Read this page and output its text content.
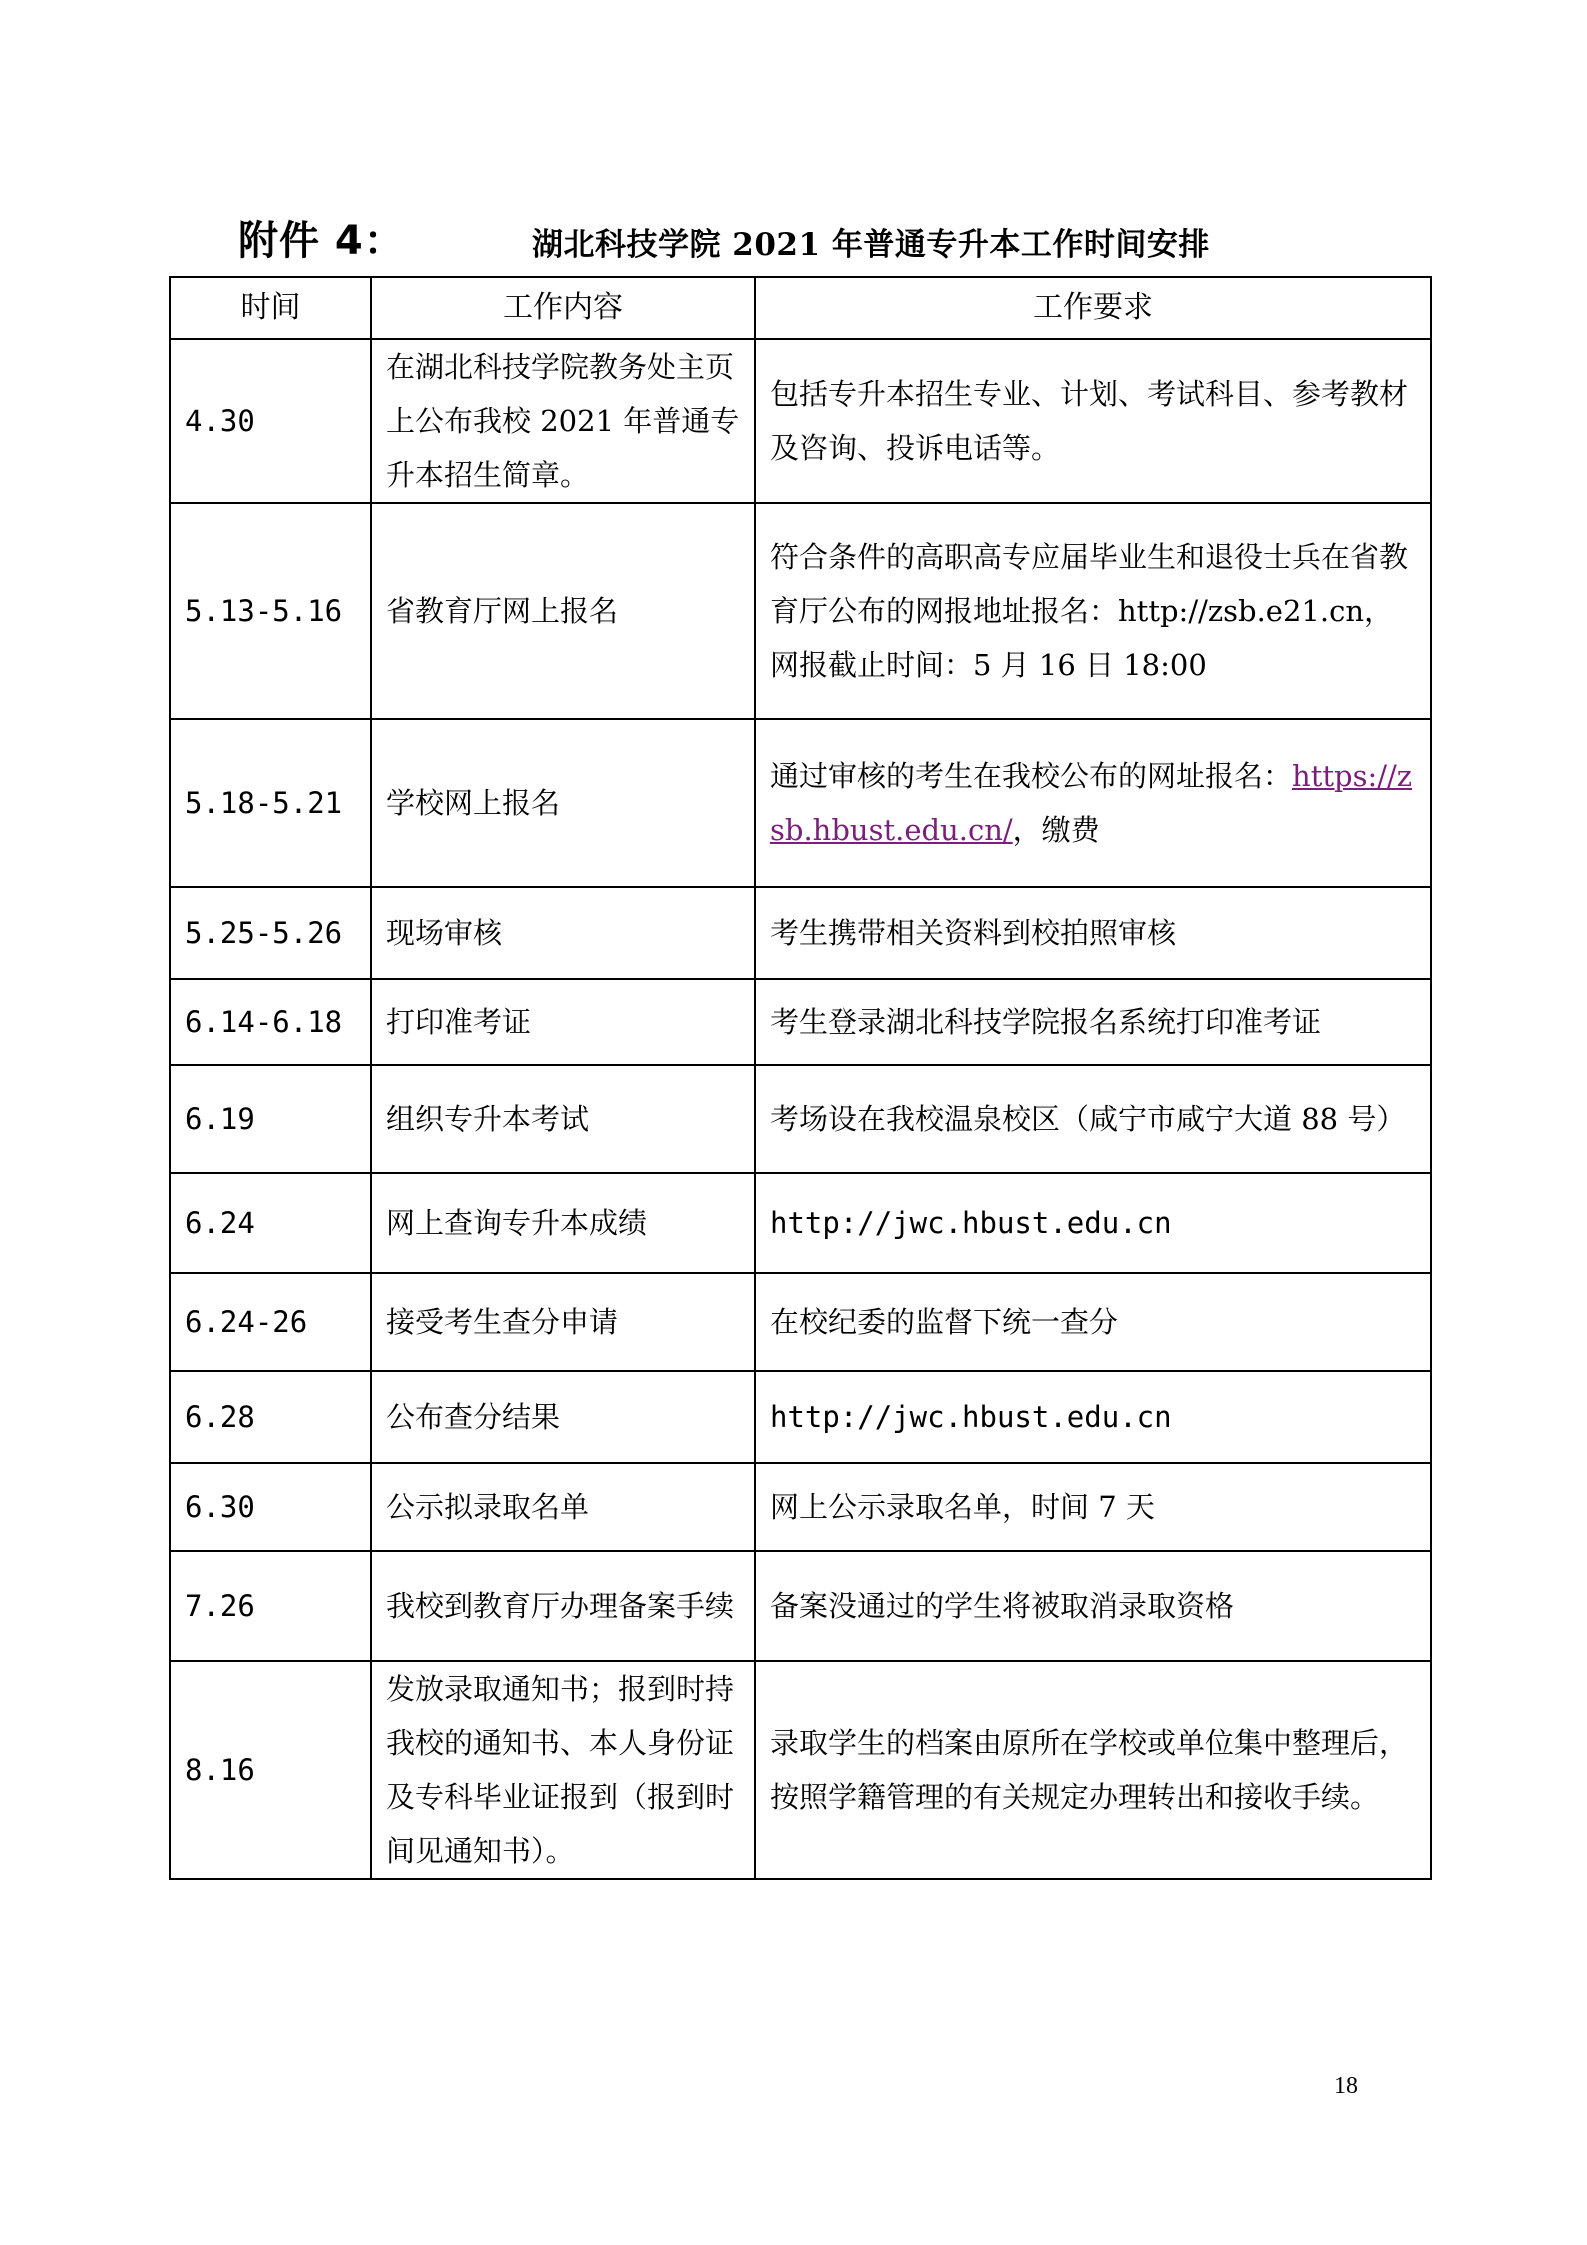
附件 4：	湖北科技学院 2021 年普通专升本工作时间安排
时间	工作内容	工作要求
4.30	在湖北科技学院教务处主页上公布我校 2021 年普通专升本招生简章。	包括专升本招生专业、计划、考试科目、参考教材及咨询、投诉电话等。
5.13-5.16	省教育厅网上报名	符合条件的高职高专应届毕业生和退役士兵在省教育厅公布的网报地址报名：http://zsb.e21.cn，网报截止时间：5 月 16 日 18:00
5.18-5.21	学校网上报名	通过审核的考生在我校公布的网址报名：https://zsb.hbust.edu.cn/，缴费
5.25-5.26	现场审核	考生携带相关资料到校拍照审核
6.14-6.18	打印准考证	考生登录湖北科技学院报名系统打印准考证
6.19	组织专升本考试	考场设在我校温泉校区（咸宁市咸宁大道 88 号）
6.24	网上查询专升本成绩	http://jwc.hbust.edu.cn
6.24-26	接受考生查分申请	在校纪委的监督下统一查分
6.28	公布查分结果	http://jwc.hbust.edu.cn
6.30	公示拟录取名单	网上公示录取名单，时间 7 天
7.26	我校到教育厅办理备案手续	备案没通过的学生将被取消录取资格
8.16	发放录取通知书；报到时持我校的通知书、本人身份证及专科毕业证报到（报到时间见通知书）。	录取学生的档案由原所在学校或单位集中整理后，按照学籍管理的有关规定办理转出和接收手续。
18
